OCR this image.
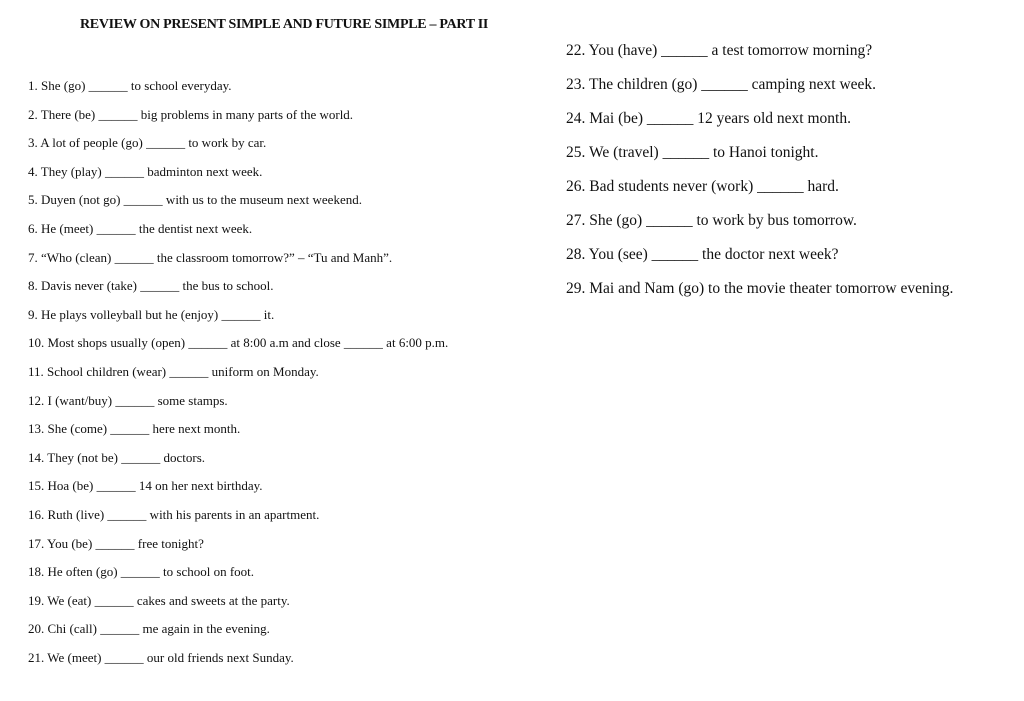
REVIEW ON PRESENT SIMPLE AND FUTURE SIMPLE – PART II
1. She (go) ______ to school everyday.
2. There (be) ______ big problems in many parts of the world.
3. A lot of people (go) ______ to work by car.
4. They (play) ______ badminton next week.
5. Duyen (not go) ______ with us to the museum next weekend.
6. He (meet) ______ the dentist next week.
7. “Who (clean) ______ the classroom tomorrow?” – “Tu and Manh”.
8. Davis never (take) ______ the bus to school.
9. He plays volleyball but he (enjoy) ______ it.
10. Most shops usually (open) ______ at 8:00 a.m and close ______ at 6:00 p.m.
11. School children (wear) ______ uniform on Monday.
12. I (want/buy) ______ some stamps.
13. She (come) ______ here next month.
14. They (not be) ______ doctors.
15. Hoa (be) ______ 14 on her next birthday.
16. Ruth (live) ______ with his parents in an apartment.
17. You (be) ______ free tonight?
18. He often (go) ______ to school on foot.
19. We (eat) ______ cakes and sweets at the party.
20. Chi (call) ______ me again in the evening.
21. We (meet) ______ our old friends next Sunday.
22. You (have) ______ a test tomorrow morning?
23. The children (go) ______ camping next week.
24. Mai (be) ______ 12 years old next month.
25. We (travel) ______ to Hanoi tonight.
26. Bad students never (work) ______ hard.
27. She (go) ______ to work by bus tomorrow.
28. You (see) ______ the doctor next week?
29. Mai and Nam (go) to the movie theater tomorrow evening.
